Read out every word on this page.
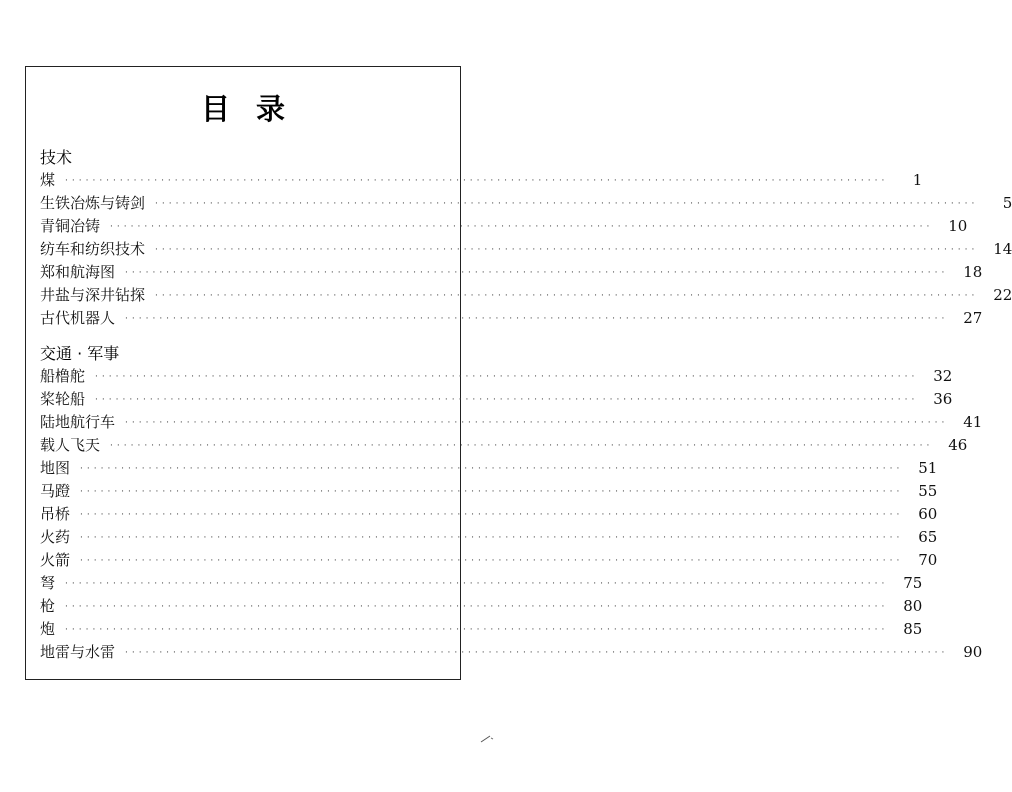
目录
技术
煤 ························································································································	1
生铁冶炼与铸剑 ························································································································	5
青铜冶铸 ························································································································ 10
纺车和纺织技术 ························································································································ 14
郑和航海图 ························································································································ 18
井盐与深井钻探 ························································································································ 22
古代机器人 ························································································································ 27
交通 · 军事
船橹舵 ························································································································ 32
桨轮船 ························································································································ 36
陆地航行车 ························································································································ 41
载人飞天 ························································································································ 46
地图 ························································································································ 51
马蹬 ························································································································ 55
吊桥 ························································································································ 60
火药 ························································································································ 65
火箭 ························································································································ 70
弩 ························································································································ 75
枪 ························································································································ 80
炮 ························································································································ 85
地雷与水雷 ························································································································ 90
